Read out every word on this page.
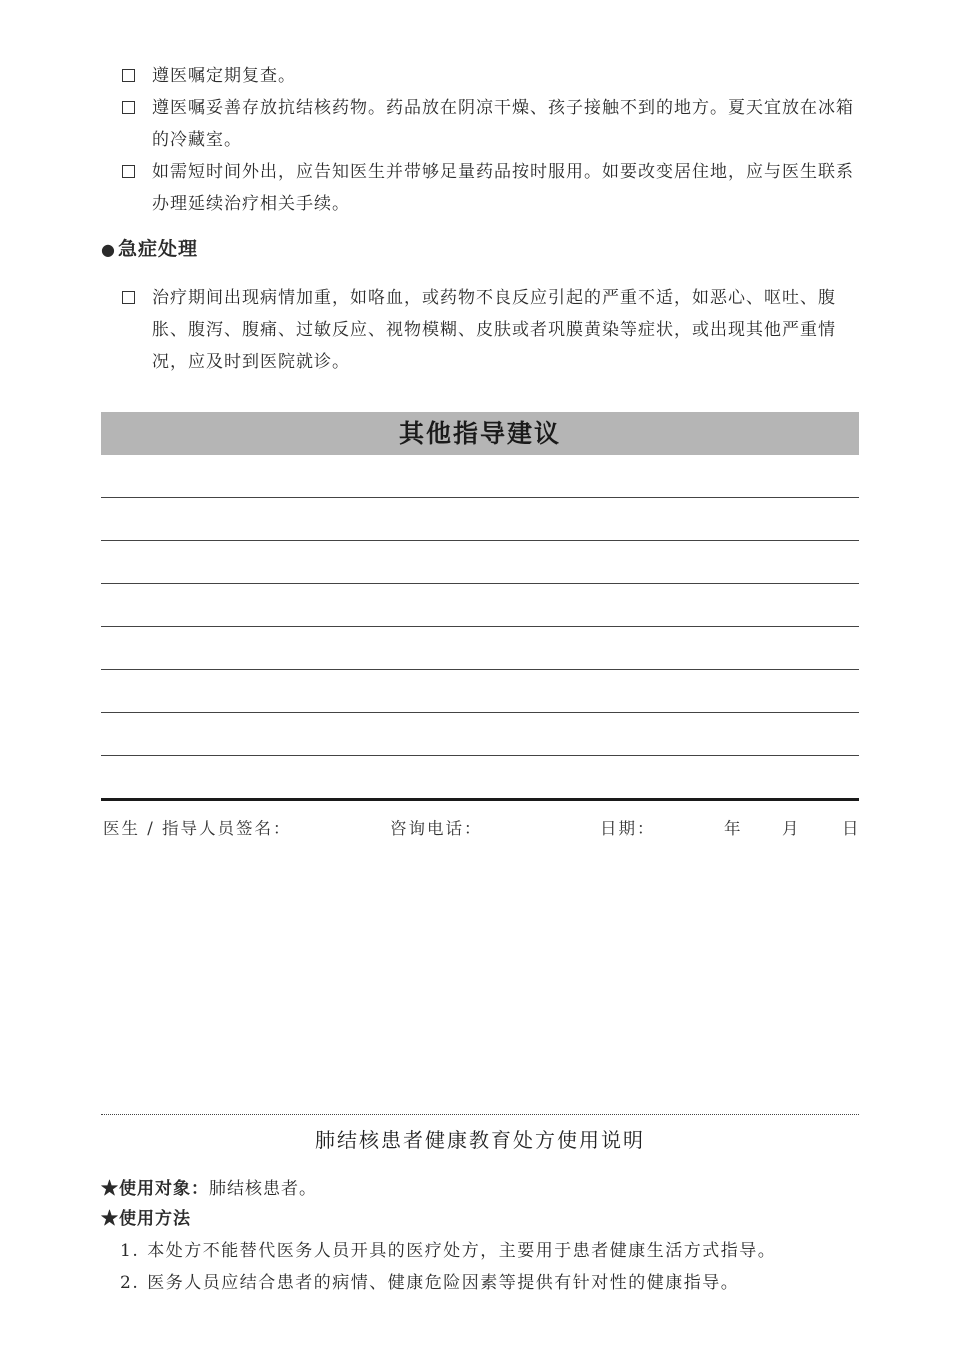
遵医嘱定期复查。
遵医嘱妥善存放抗结核药物。药品放在阴凉干燥、孩子接触不到的地方。夏天宜放在冰箱的冷藏室。
如需短时间外出，应告知医生并带够足量药品按时服用。如要改变居住地，应与医生联系办理延续治疗相关手续。
● 急症处理
治疗期间出现病情加重，如咯血，或药物不良反应引起的严重不适，如恶心、呕吐、腹胀、腹泻、腹痛、过敏反应、视物模糊、皮肤或者巩膜黄染等症状，或出现其他严重情况，应及时到医院就诊。
其他指导建议
医生 / 指导人员签名：	咨询电话：	日期：	年 月	日
肺结核患者健康教育处方使用说明
★使用对象：肺结核患者。
★使用方法
1. 本处方不能替代医务人员开具的医疗处方，主要用于患者健康生活方式指导。
2. 医务人员应结合患者的病情、健康危险因素等提供有针对性的健康指导。
